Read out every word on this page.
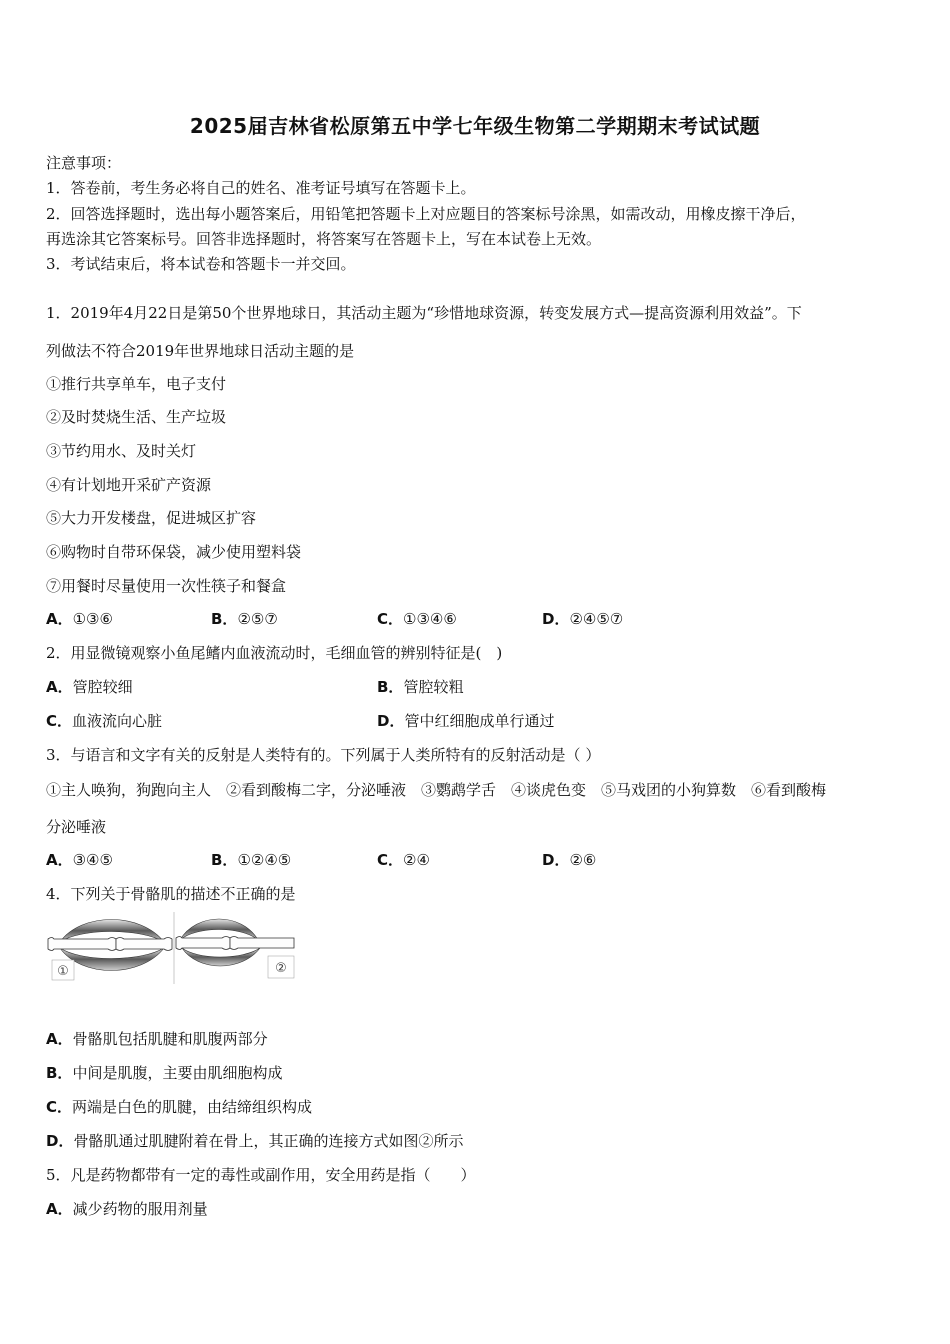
2025届吉林省松原第五中学七年级生物第二学期期末考试试题
注意事项：
1．答卷前，考生务必将自己的姓名、准考证号填写在答题卡上。
2．回答选择题时，选出每小题答案后，用铅笔把答题卡上对应题目的答案标号涂黑，如需改动，用橡皮擦干净后，
再选涂其它答案标号。回答非选择题时，将答案写在答题卡上，写在本试卷上无效。
3．考试结束后，将本试卷和答题卡一并交回。
1．2019年4月22日是第50个世界地球日，其活动主题为“珍惜地球资源，转变发展方式—提高资源利用效益”。下
列做法不符合2019年世界地球日活动主题的是
①推行共享单车，电子支付
②及时焚烧生活、生产垃圾
③节约用水、及时关灯
④有计划地开采矿产资源
⑤大力开发楼盘，促进城区扩容
⑥购物时自带环保袋，减少使用塑料袋
⑦用餐时尽量使用一次性筷子和餐盒
A．①③⑥	B．②⑤⑦	C．①③④⑥	D．②④⑤⑦
2．用显微镜观察小鱼尾鳍内血液流动时，毛细血管的辨别特征是(　)
A．管腔较细	B．管腔较粗
C．血液流向心脏	D．管中红细胞成单行通过
3．与语言和文字有关的反射是人类特有的。下列属于人类所特有的反射活动是（ ）
①主人唤狗，狗跑向主人　②看到酸梅二字，分泌唾液　③鹦鹉学舌　④谈虎色变　⑤马戏团的小狗算数　⑥看到酸梅
分泌唾液
A．③④⑤	B．①②④⑤	C．②④	D．②⑥
4．下列关于骨骼肌的描述不正确的是
①	②
A．骨骼肌包括肌腱和肌腹两部分
B．中间是肌腹，主要由肌细胞构成
C．两端是白色的肌腱，由结缔组织构成
D．骨骼肌通过肌腱附着在骨上，其正确的连接方式如图②所示
5．凡是药物都带有一定的毒性或副作用，安全用药是指（　　）
A．减少药物的服用剂量
